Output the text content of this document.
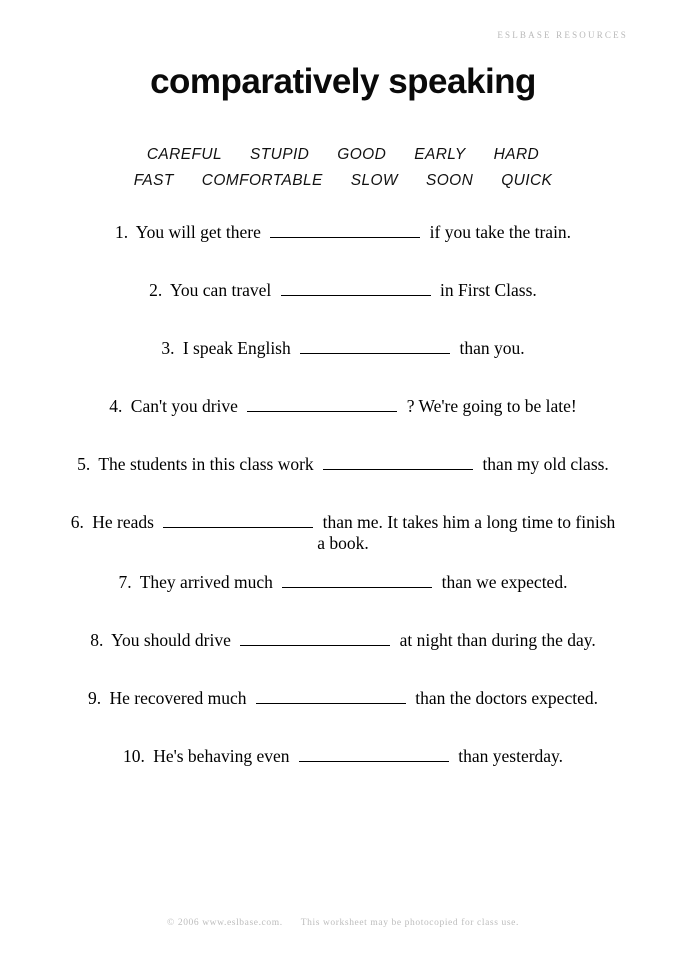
ESLBASE RESOURCES
comparatively speaking
CAREFUL STUPID GOOD EARLY HARD
FAST COMFORTABLE SLOW SOON QUICK
1. You will get there	if you take the train.
2. You can travel	in First Class.
3. I speak English	than you.
4. Can't you drive	? We're going to be late!
5. The students in this class work	than my old class.
6. He reads	than me. It takes him a long time to finish
a book.
7. They arrived much	than we expected.
8. You should drive	at night than during the day.
9. He recovered much	than the doctors expected.
10. He's behaving even	than yesterday.
© 2006 www.eslbase.com. This worksheet may be photocopied for class use.
